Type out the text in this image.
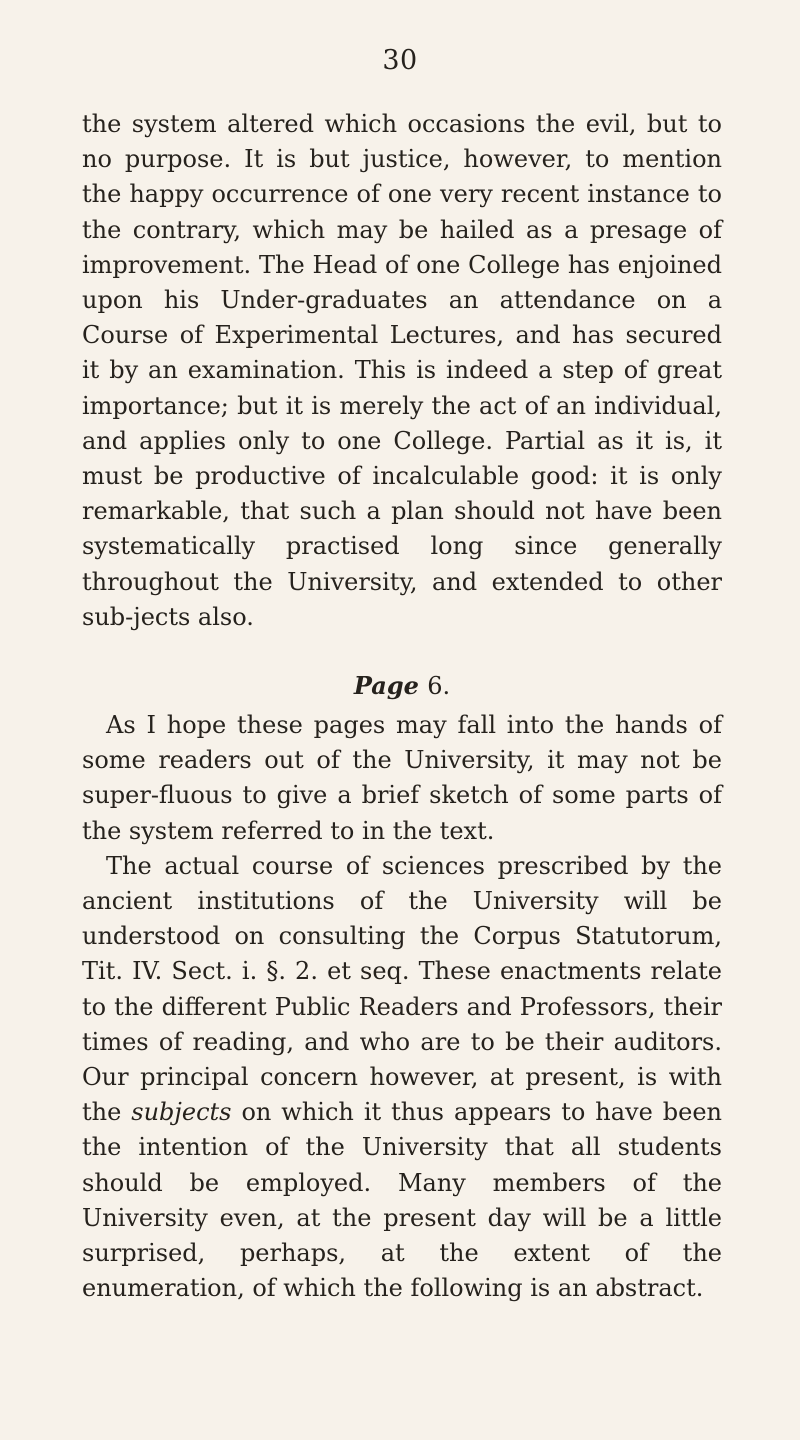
30

the system altered which occasions the evil, but to no purpose. It is but justice, however, to mention the happy occurrence of one very recent instance to the contrary, which may be hailed as a presage of improvement. The Head of one College has enjoined upon his Under-graduates an attendance on a Course of Experimental Lectures, and has secured it by an examination. This is indeed a step of great importance; but it is merely the act of an individual, and applies only to one College. Partial as it is, it must be productive of incalculable good: it is only remarkable, that such a plan should not have been systematically practised long since generally throughout the University, and extended to other sub-jects also.

Page 6.

As I hope these pages may fall into the hands of some readers out of the University, it may not be super-fluous to give a brief sketch of some parts of the system referred to in the text.

The actual course of sciences prescribed by the ancient institutions of the University will be understood on consulting the Corpus Statutorum, Tit. IV. Sect. i. §. 2. et seq. These enactments relate to the different Public Readers and Professors, their times of reading, and who are to be their auditors. Our principal concern however, at present, is with the subjects on which it thus appears to have been the intention of the University that all students should be employed. Many members of the University even, at the present day will be a little surprised, perhaps, at the extent of the enumeration, of which the following is an abstract.
